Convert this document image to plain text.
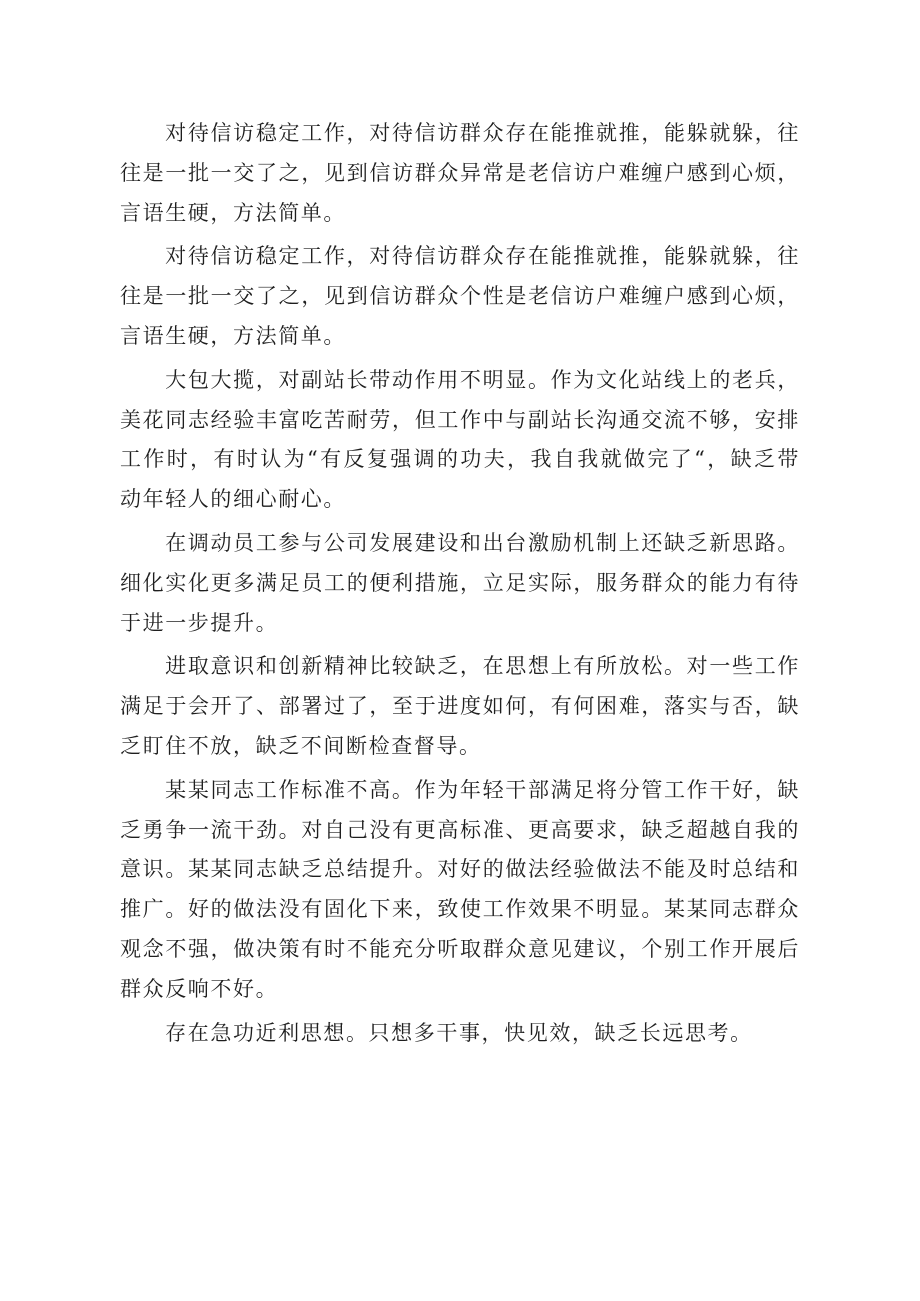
对待信访稳定工作，对待信访群众存在能推就推，能躲就躲，往往是一批一交了之，见到信访群众异常是老信访户难缠户感到心烦，言语生硬，方法简单。

对待信访稳定工作，对待信访群众存在能推就推，能躲就躲，往往是一批一交了之，见到信访群众个性是老信访户难缠户感到心烦，言语生硬，方法简单。

大包大揽，对副站长带动作用不明显。作为文化站线上的老兵，美花同志经验丰富吃苦耐劳，但工作中与副站长沟通交流不够，安排工作时，有时认为“有反复强调的功夫，我自我就做完了“，缺乏带动年轻人的细心耐心。

在调动员工参与公司发展建设和出台激励机制上还缺乏新思路。细化实化更多满足员工的便利措施，立足实际，服务群众的能力有待于进一步提升。

进取意识和创新精神比较缺乏，在思想上有所放松。对一些工作满足于会开了、部署过了，至于进度如何，有何困难，落实与否，缺乏盯住不放，缺乏不间断检查督导。

某某同志工作标准不高。作为年轻干部满足将分管工作干好，缺乏勇争一流干劲。对自己没有更高标准、更高要求，缺乏超越自我的意识。某某同志缺乏总结提升。对好的做法经验做法不能及时总结和推广。好的做法没有固化下来，致使工作效果不明显。某某同志群众观念不强，做决策有时不能充分听取群众意见建议，个别工作开展后群众反响不好。

存在急功近利思想。只想多干事，快见效，缺乏长远思考。
